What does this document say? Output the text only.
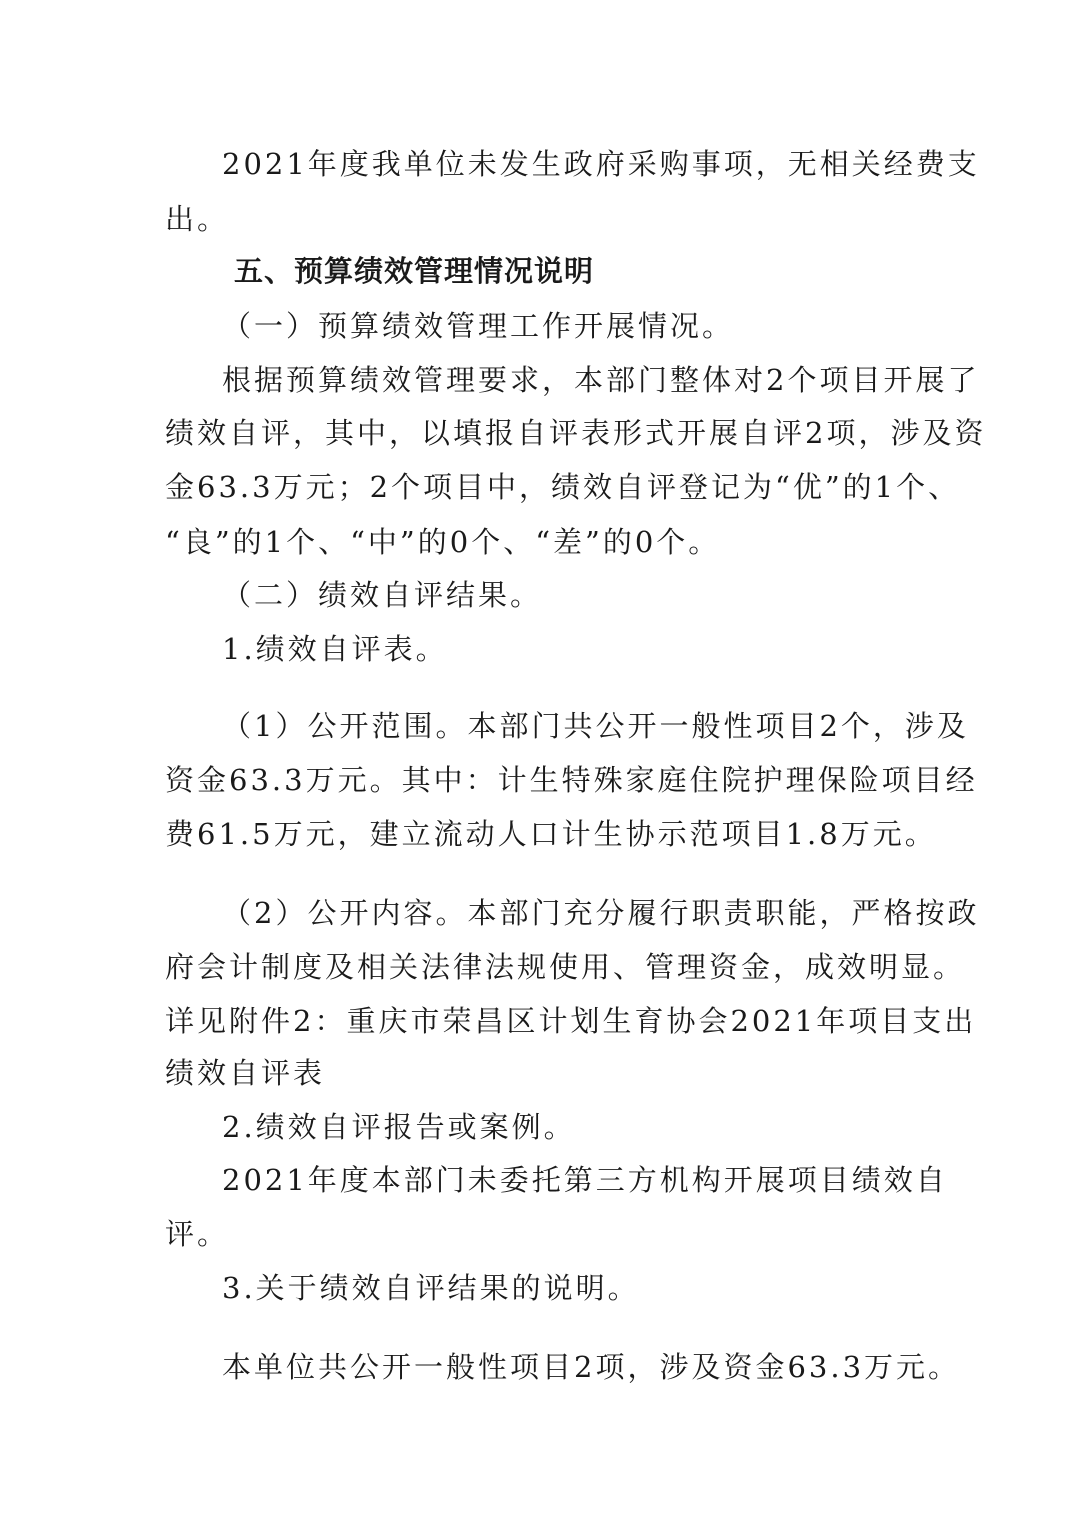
2021年度我单位未发生政府采购事项，无相关经费支
出。
五、预算绩效管理情况说明
（一）预算绩效管理工作开展情况。
根据预算绩效管理要求，本部门整体对2个项目开展了
绩效自评，其中，以填报自评表形式开展自评2项，涉及资
金63.3万元；2个项目中，绩效自评登记为“优”的1个、
“良”的1个、“中”的0个、“差”的0个。
（二）绩效自评结果。
1.绩效自评表。
（1）公开范围。本部门共公开一般性项目2个，涉及
资金63.3万元。其中：计生特殊家庭住院护理保险项目经
费61.5万元，建立流动人口计生协示范项目1.8万元。
（2）公开内容。本部门充分履行职责职能，严格按政
府会计制度及相关法律法规使用、管理资金，成效明显。
详见附件2：重庆市荣昌区计划生育协会2021年项目支出
绩效自评表
2.绩效自评报告或案例。
2021年度本部门未委托第三方机构开展项目绩效自
评。
3.关于绩效自评结果的说明。
本单位共公开一般性项目2项，涉及资金63.3万元。
